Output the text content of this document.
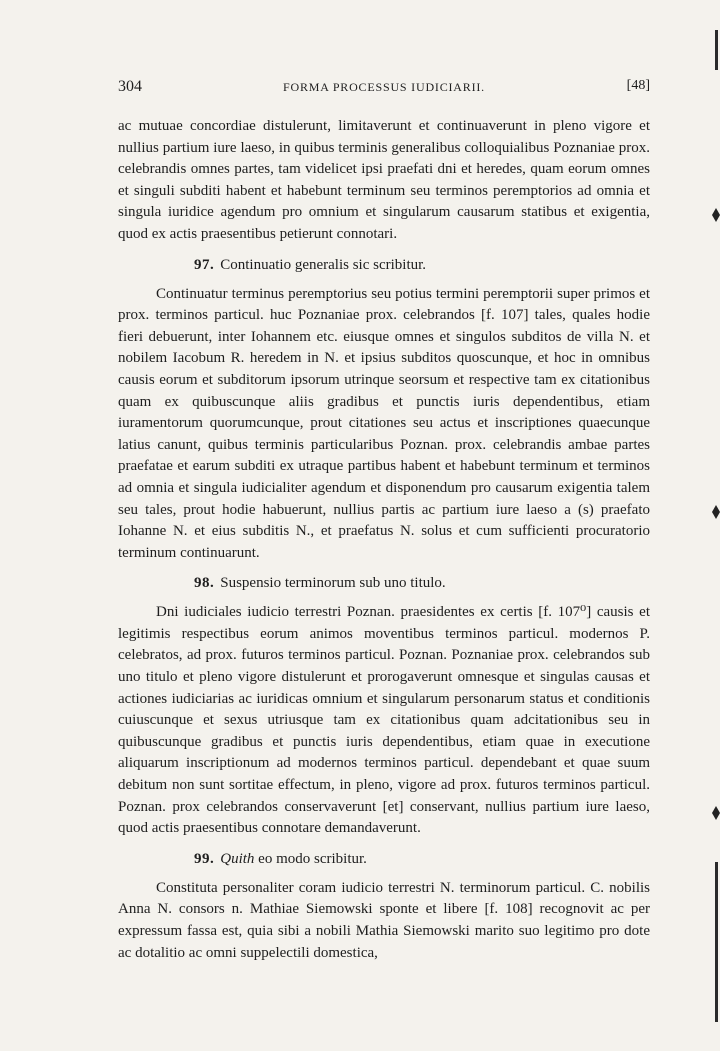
304	FORMA PROCESSUS IUDICIARII.	[48]

ac mutuae concordiae distulerunt, limitaverunt et continuaverunt in pleno vigore et nullius partium iure laeso, in quibus terminis generalibus colloquialibus Poznaniae prox. celebrandis omnes partes, tam videlicet ipsi praefati dni et heredes, quam eorum omnes et singuli subditi habent et habebunt terminum seu terminos peremptorios ad omnia et singula iuridice agendum pro omnium et singularum causarum statibus et exigentia, quod ex actis praesentibus petierunt connotari.

97. Continuatio generalis sic scribitur.

Continuatur terminus peremptorius seu potius termini peremptorii super primos et prox. terminos particul. huc Poznaniae prox. celebrandos [f. 107] tales, quales hodie fieri debuerunt, inter Iohannem etc. eiusque omnes et singulos subditos de villa N. et nobilem Iacobum R. heredem in N. et ipsius subditos quoscunque, et hoc in omnibus causis eorum et subditorum ipsorum utrinque seorsum et respective tam ex citationibus quam ex quibuscunque aliis gradibus et punctis iuris dependentibus, etiam iuramentorum quorumcunque, prout citationes seu actus et inscriptiones quaecunque latius canunt, quibus terminis particularibus Poznan. prox. celebrandis ambae partes praefatae et earum subditi ex utraque partibus habent et habebunt terminum et terminos ad omnia et singula iudicialiter agendum et disponendum pro causarum exigentia talem seu tales, prout hodie habuerunt, nullius partis ac partium iure laeso a (s) praefato Iohanne N. et eius subditis N., et praefatus N. solus et cum sufficienti procuratorio terminum continuarunt.

98. Suspensio terminorum sub uno titulo.

Dni iudiciales iudicio terrestri Poznan. praesidentes ex certis [f. 107⁰] causis et legitimis respectibus eorum animos moventibus terminos particul. modernos P. celebratos, ad prox. futuros terminos particul. Poznan. Poznaniae prox. celebrandos sub uno titulo et pleno vigore distulerunt et prorogaverunt omnesque et singulas causas et actiones iudiciarias ac iuridicas omnium et singularum personarum status et conditionis cuiuscunque et sexus utriusque tam ex citationibus quam adcitationibus seu in quibuscunque gradibus et punctis iuris dependentibus, etiam quae in executione aliquarum inscriptionum ad modernos terminos particul. dependebant et quae suum debitum non sunt sortitae effectum, in pleno, vigore ad prox. futuros terminos particul. Poznan. prox celebrandos conservaverunt [et] conservant, nullius partium iure laeso, quod actis praesentibus connotare demandaverunt.

99. Quith eo modo scribitur.

Constituta personaliter coram iudicio terrestri N. terminorum particul. C. nobilis Anna N. consors n. Mathiae Siemowski sponte et libere [f. 108] recognovit ac per expressum fassa est, quia sibi a nobili Mathia Siemowski marito suo legitimo pro dote ac dotalitio ac omni suppelectili domestica,
